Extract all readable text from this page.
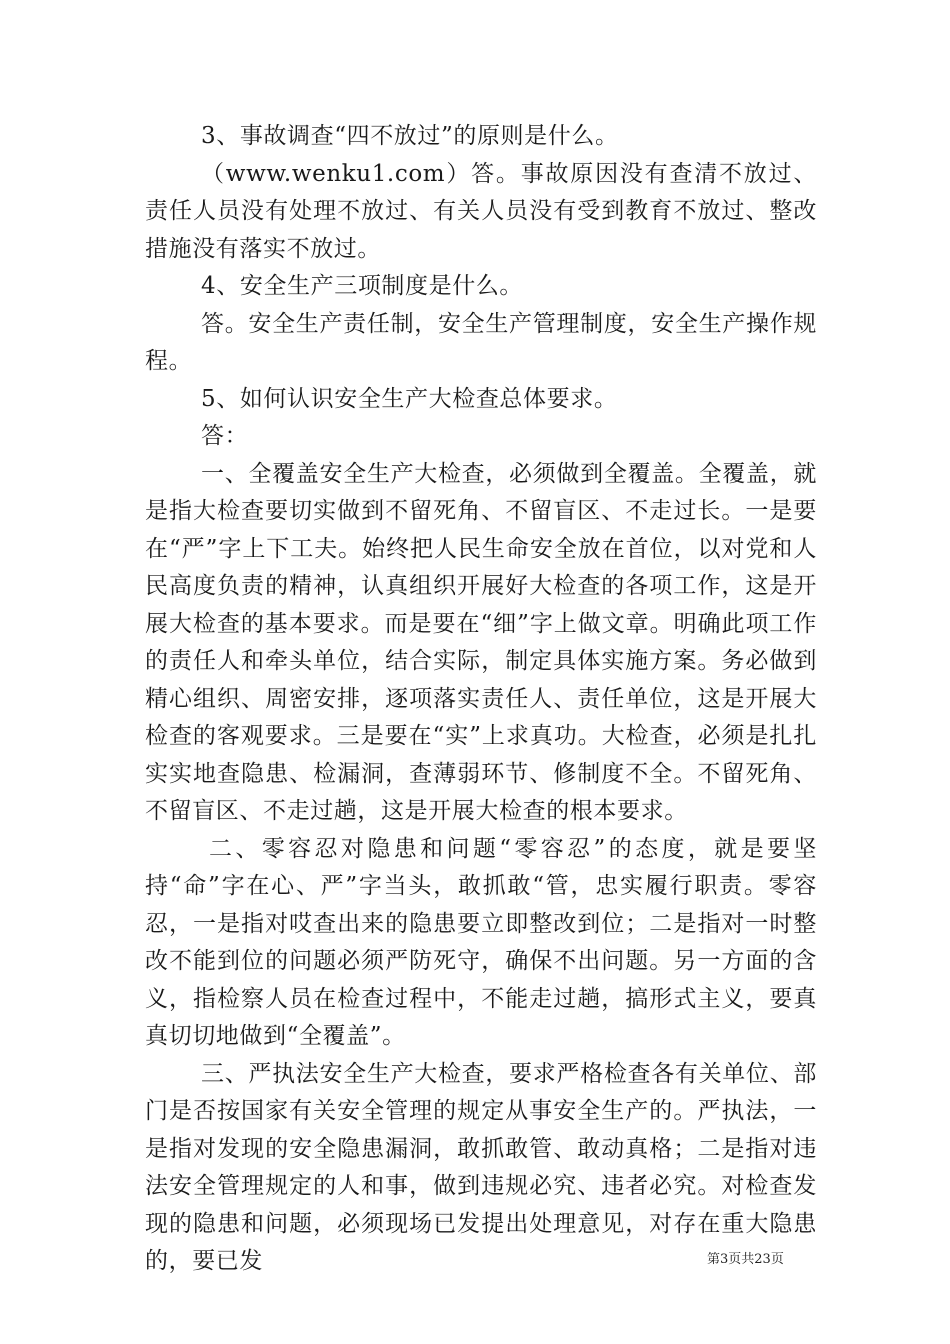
3、事故调查“四不放过”的原则是什么。

（www.wenku1.com）答。事故原因没有查清不放过、责任人员没有处理不放过、有关人员没有受到教育不放过、整改措施没有落实不放过。

4、安全生产三项制度是什么。

答。安全生产责任制，安全生产管理制度，安全生产操作规程。

5、如何认识安全生产大检查总体要求。

答：

一、全覆盖安全生产大检查，必须做到全覆盖。全覆盖，就是指大检查要切实做到不留死角、不留盲区、不走过长。一是要在“严”字上下工夫。始终把人民生命安全放在首位，以对党和人民高度负责的精神，认真组织开展好大检查的各项工作，这是开展大检查的基本要求。而是要在“细”字上做文章。明确此项工作的责任人和牵头单位，结合实际，制定具体实施方案。务必做到精心组织、周密安排，逐项落实责任人、责任单位，这是开展大检查的客观要求。三是要在“实”上求真功。大检查，必须是扎扎实实地查隐患、检漏洞，查薄弱环节、修制度不全。不留死角、不留盲区、不走过趟，这是开展大检查的根本要求。

二、零容忍对隐患和问题“零容忍”的态度，就是要坚持“命”字在心、严”字当头，敢抓敢“管，忠实履行职责。零容忍，一是指对哎查出来的隐患要立即整改到位；二是指对一时整改不能到位的问题必须严防死守，确保不出问题。另一方面的含义，指检察人员在检查过程中，不能走过趟，搞形式主义，要真真切切地做到“全覆盖”。

三、严执法安全生产大检查，要求严格检查各有关单位、部门是否按国家有关安全管理的规定从事安全生产的。严执法，一是指对发现的安全隐患漏洞，敢抓敢管、敢动真格；二是指对违法安全管理规定的人和事，做到违规必究、违者必究。对检查发现的隐患和问题，必须现场已发提出处理意见，对存在重大隐患的，要已发	第3页共23页
